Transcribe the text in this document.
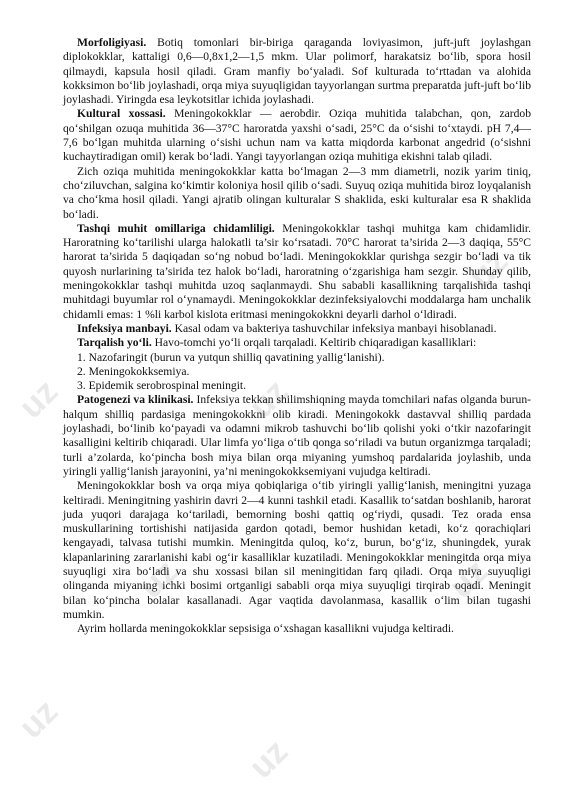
uz
uz
uz
uz
uz
uz
uz

Morfoligiyasi. Botiq tomonlari bir-biriga qaraganda loviyasimon, juft-juft joylashgan diplokokklar, kattaligi 0,6—0,8x1,2—1,5 mkm. Ular polimorf, harakatsiz bo‘lib, spora hosil qilmaydi, kapsula hosil qiladi. Gram manfiy bo‘yaladi. Sof kulturada to‘rttadan va alohida kokksimon bo‘lib joylashadi, orqa miya suyuqligidan tayyorlangan surtma preparatda juft-juft bo‘lib joylashadi. Yiringda esa leykotsitlar ichida joylashadi.

Kultural xossasi. Meningokokklar — aerobdir. Oziqa muhitida talabchan, qon, zardob qo‘shilgan ozuqa muhitida 36—37°C haroratda yaxshi o‘sadi, 25°C da o‘sishi to‘xtaydi. pH 7,4—7,6 bo‘lgan muhitda ularning o‘sishi uchun nam va katta miqdorda karbonat angedrid (o‘sishni kuchaytiradigan omil) kerak bo‘ladi. Yangi tayyorlangan oziqa muhitiga ekishni talab qiladi.

Zich oziqa muhitida meningokokklar katta bo‘lmagan 2—3 mm diametrli, nozik yarim tiniq, cho‘ziluvchan, salgina ko‘kimtir koloniya hosil qilib o‘sadi. Suyuq oziqa muhitida biroz loyqalanish va cho‘kma hosil qiladi. Yangi ajratib olingan kulturalar S shaklida, eski kulturalar esa R shaklida bo‘ladi.

Tashqi muhit omillariga chidamliligi. Meningokokklar tashqi muhitga kam chidamlidir. Haroratning ko‘tarilishi ularga halokatli ta’sir ko‘rsatadi. 70°C harorat ta’sirida 2—3 daqiqa, 55°C harorat ta’sirida 5 daqiqadan so‘ng nobud bo‘ladi. Meningokokklar qurishga sezgir bo‘ladi va tik quyosh nurlarining ta’sirida tez halok bo‘ladi, haroratning o‘zgarishiga ham sezgir. Shunday qilib, meningokokklar tashqi muhitda uzoq saqlanmaydi. Shu sababli kasallikning tarqalishida tashqi muhitdagi buyumlar rol o‘ynamaydi. Meningokokklar dezinfeksiyalovchi moddalarga ham unchalik chidamli emas: 1 %li karbol kislota eritmasi meningokokkni deyarli darhol o‘ldiradi.

Infeksiya manbayi. Kasal odam va bakteriya tashuvchilar infeksiya manbayi hisoblanadi.

Tarqalish yo‘li. Havo-tomchi yo‘li orqali tarqaladi. Keltirib chiqaradigan kasalliklari:

1. Nazofaringit (burun va yutqun shilliq qavatining yallig‘lanishi).

2. Meningokokksemiya.

3. Epidemik serobrospinal meningit.

Patogenezi va klinikasi. Infeksiya tekkan shilimshiqning mayda tomchilari nafas olganda burun-halqum shilliq pardasiga meningokokkni olib kiradi. Meningokokk dastavval shilliq pardada joylashadi, bo‘linib ko‘payadi va odamni mikrob tashuvchi bo‘lib qolishi yoki o‘tkir nazofaringit kasalligini keltirib chiqaradi. Ular limfa yo‘liga o‘tib qonga so‘riladi va butun organizmga tarqaladi; turli a’zolarda, ko‘pincha bosh miya bilan orqa miyaning yumshoq pardalarida joylashib, unda yiringli yallig‘lanish jarayonini, ya’ni meningokokksemiyani vujudga keltiradi.

Meningokokklar bosh va orqa miya qobiqlariga o‘tib yiringli yallig‘lanish, meningitni yuzaga keltiradi. Meningitning yashirin davri 2—4 kunni tashkil etadi. Kasallik to‘satdan boshlanib, harorat juda yuqori darajaga ko‘tariladi, bemorning boshi qattiq og‘riydi, qusadi. Tez orada ensa muskullarining tortishishi natijasida gardon qotadi, bemor hushidan ketadi, ko‘z qorachiqlari kengayadi, talvasa tutishi mumkin. Meningitda quloq, ko‘z, burun, bo‘g‘iz, shuningdek, yurak klapanlarining zararlanishi kabi og‘ir kasalliklar kuzatiladi. Meningokokklar meningitda orqa miya suyuqligi xira bo‘ladi va shu xossasi bilan sil meningitidan farq qiladi. Orqa miya suyuqligi olinganda miyaning ichki bosimi ortganligi sababli orqa miya suyuqligi tirqirab oqadi. Meningit bilan ko‘pincha bolalar kasallanadi. Agar vaqtida davolanmasa, kasallik o‘lim bilan tugashi mumkin.

Ayrim hollarda meningokokklar sepsisiga o‘xshagan kasallikni vujudga keltiradi.
